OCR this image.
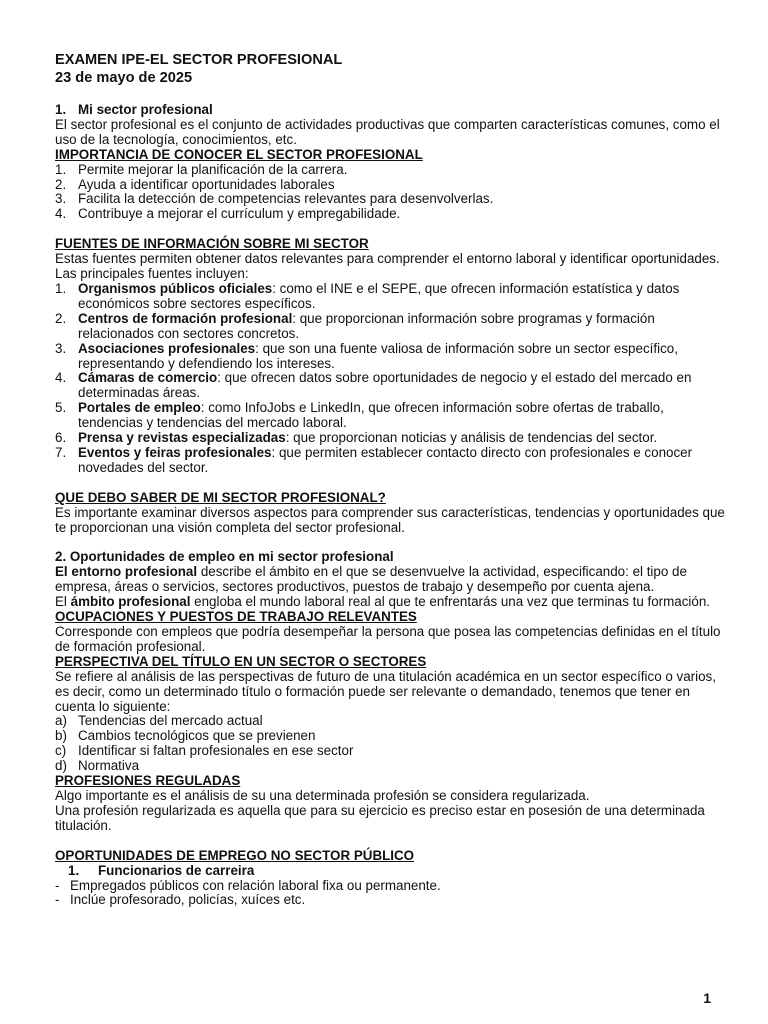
EXAMEN IPE-EL SECTOR PROFESIONAL

23 de mayo de 2025

1. Mi sector profesional

El sector profesional es el conjunto de actividades productivas que comparten características comunes, como el uso de la tecnología, conocimientos, etc.

IMPORTANCIA DE CONOCER EL SECTOR PROFESIONAL

1. Permite mejorar la planificación de la carrera.
2. Ayuda a identificar oportunidades laborales
3. Facilita la detección de competencias relevantes para desenvolverlas.
4. Contribuye a mejorar el currículum y empregabilidade.

FUENTES DE INFORMACIÓN SOBRE MI SECTOR

Estas fuentes permiten obtener datos relevantes para comprender el entorno laboral y identificar oportunidades. Las principales fuentes incluyen:

1. Organismos públicos oficiales: como el INE e el SEPE, que ofrecen información estatística y datos económicos sobre sectores específicos.
2. Centros de formación profesional: que proporcionan información sobre programas y formación relacionados con sectores concretos.
3. Asociaciones profesionales: que son una fuente valiosa de información sobre un sector específico, representando y defendiendo los intereses.
4. Cámaras de comercio: que ofrecen datos sobre oportunidades de negocio y el estado del mercado en determinadas áreas.
5. Portales de empleo: como InfoJobs e LinkedIn, que ofrecen información sobre ofertas de traballo, tendencias y tendencias del mercado laboral.
6. Prensa y revistas especializadas: que proporcionan noticias y análisis de tendencias del sector.
7. Eventos y feiras profesionales: que permiten establecer contacto directo con profesionales e conocer novedades del sector.

QUE DEBO SABER DE MI SECTOR PROFESIONAL?

Es importante examinar diversos aspectos para comprender sus características, tendencias y oportunidades que te proporcionan una visión completa del sector profesional.

2. Oportunidades de empleo en mi sector profesional

El entorno profesional describe el ámbito en el que se desenvuelve la actividad, especificando: el tipo de empresa, áreas o servicios, sectores productivos, puestos de trabajo y desempeño por cuenta ajena.

El ámbito profesional engloba el mundo laboral real al que te enfrentarás una vez que terminas tu formación.

OCUPACIONES Y PUESTOS DE TRABAJO RELEVANTES

Corresponde con empleos que podría desempeñar la persona que posea las competencias definidas en el título de formación profesional.

PERSPECTIVA DEL TÍTULO EN UN SECTOR O SECTORES

Se refiere al análisis de las perspectivas de futuro de una titulación académica en un sector específico o varios, es decir, como un determinado título o formación puede ser relevante o demandado, tenemos que tener en cuenta lo siguiente:

a) Tendencias del mercado actual
b) Cambios tecnológicos que se previenen
c) Identificar si faltan profesionales en ese sector
d) Normativa

PROFESIONES REGULADAS

Algo importante es el análisis de su una determinada profesión se considera regularizada.

Una profesión regularizada es aquella que para su ejercicio es preciso estar en posesión de una determinada titulación.

OPORTUNIDADES DE EMPREGO NO SECTOR PÚBLICO

1. Funcionarios de carreira

- Empregados públicos con relación laboral fixa ou permanente.
- Inclúe profesorado, policías, xuíces etc.
1
